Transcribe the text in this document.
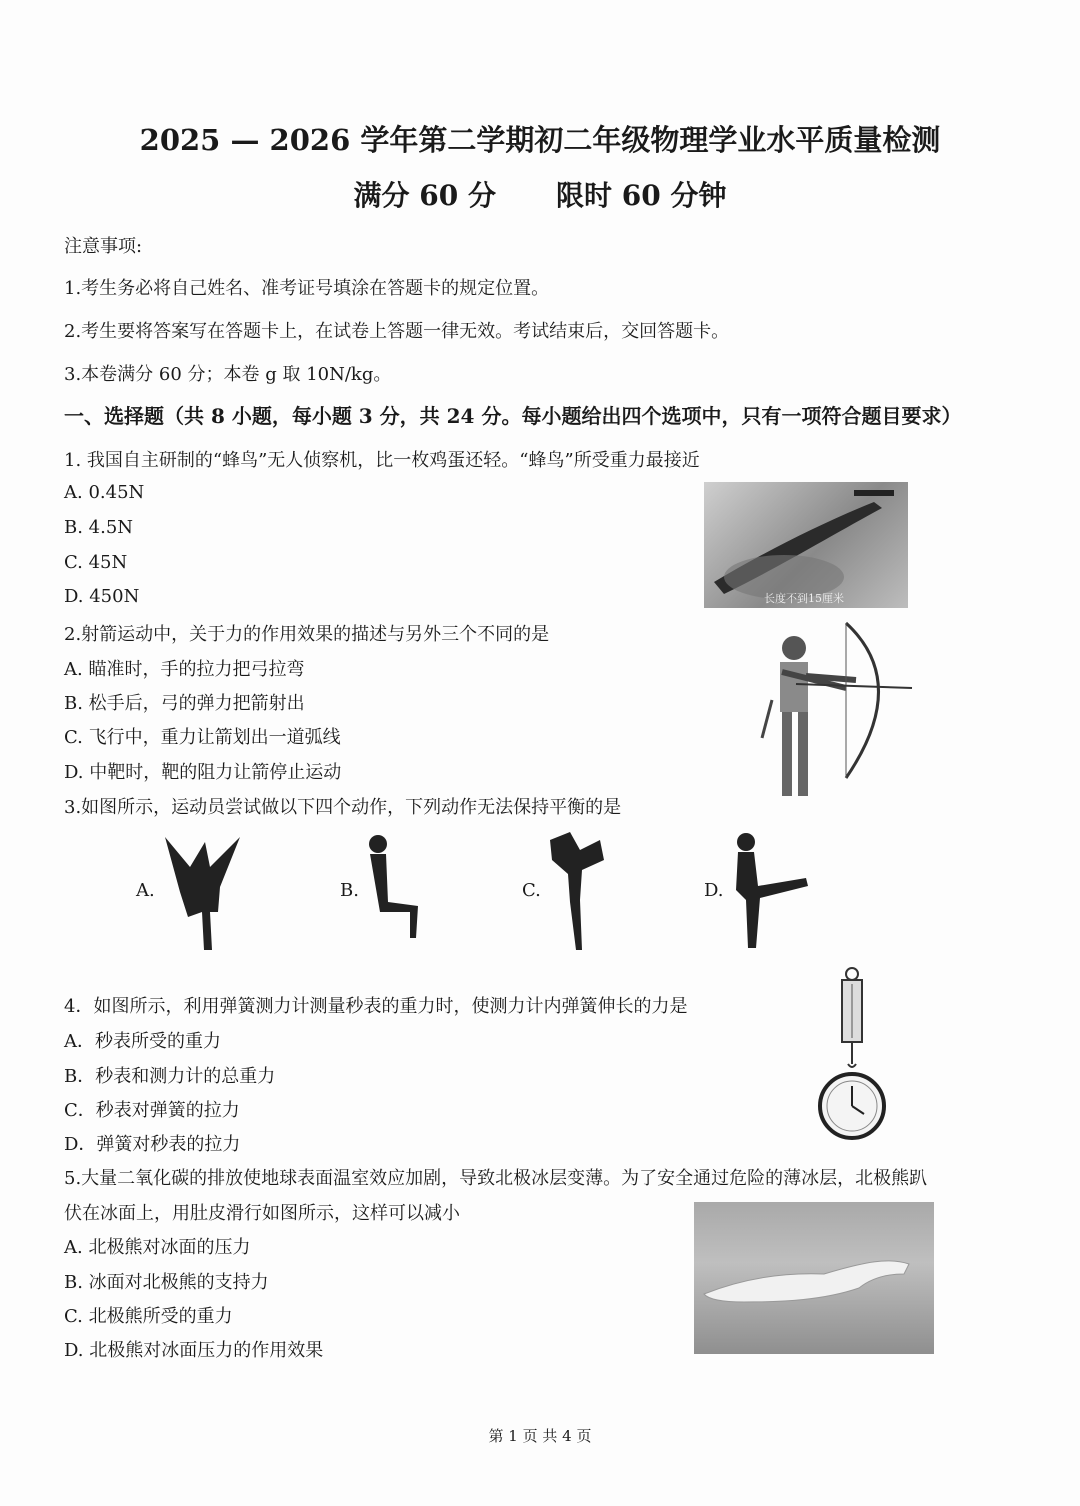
2025 — 2026 学年第二学期初二年级物理学业水平质量检测
满分 60 分 限时 60 分钟
注意事项:
1.考生务必将自己姓名、准考证号填涂在答题卡的规定位置。
2.考生要将答案写在答题卡上，在试卷上答题一律无效。考试结束后，交回答题卡。
3.本卷满分 60 分；本卷 g 取 10N/kg。
一、选择题（共 8 小题，每小题 3 分，共 24 分。每小题给出四个选项中，只有一项符合题目要求）
1. 我国自主研制的“蜂鸟”无人侦察机，比一枚鸡蛋还轻。“蜂鸟”所受重力最接近
A. 0.45N
B. 4.5N
C. 45N
D. 450N	长度不到15厘米
2.射箭运动中，关于力的作用效果的描述与另外三个不同的是
A. 瞄准时，手的拉力把弓拉弯
B. 松手后，弓的弹力把箭射出
C. 飞行中，重力让箭划出一道弧线
D. 中靶时，靶的阻力让箭停止运动
3.如图所示，运动员尝试做以下四个动作，下列动作无法保持平衡的是
A.	B.	C.	D.
4．如图所示，利用弹簧测力计测量秒表的重力时，使测力计内弹簧伸长的力是
A．秒表所受的重力
B．秒表和测力计的总重力
C．秒表对弹簧的拉力
D．弹簧对秒表的拉力
5.大量二氧化碳的排放使地球表面温室效应加剧，导致北极冰层变薄。为了安全通过危险的薄冰层，北极熊趴
伏在冰面上，用肚皮滑行如图所示，这样可以减小
A. 北极熊对冰面的压力
B. 冰面对北极熊的支持力
C. 北极熊所受的重力
D. 北极熊对冰面压力的作用效果
第 1 页 共 4 页
